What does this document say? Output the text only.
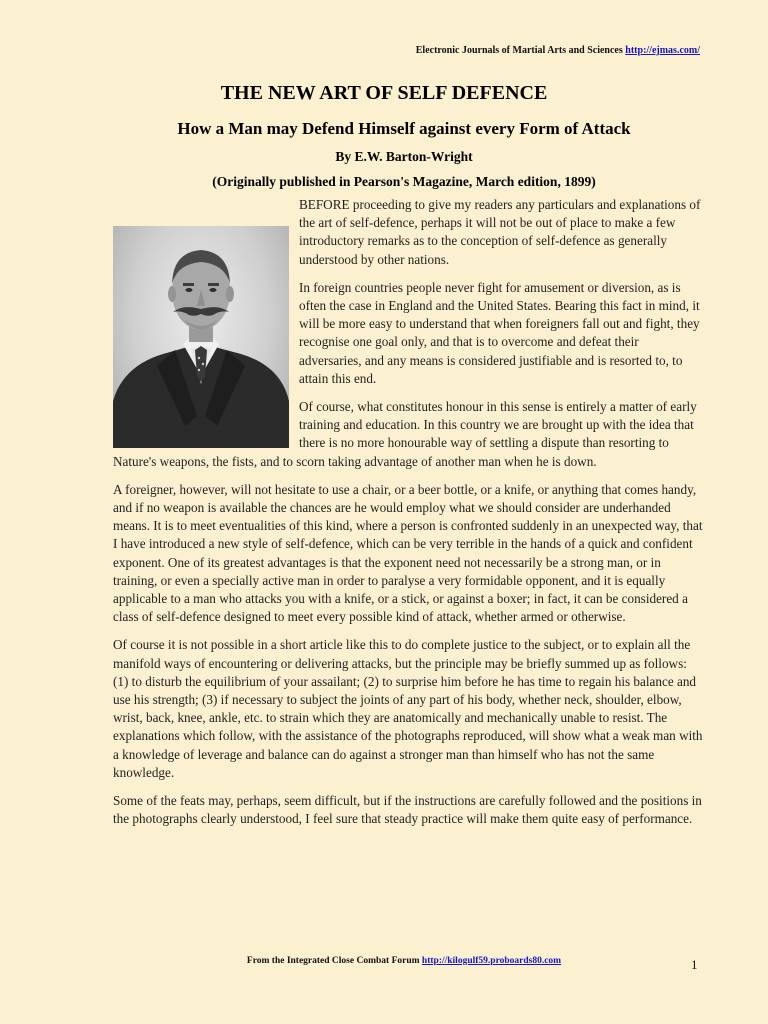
Electronic Journals of Martial Arts and Sciences http://ejmas.com/
THE NEW ART OF SELF DEFENCE
How a Man may Defend Himself against every Form of Attack
By E.W. Barton-Wright
(Originally published in Pearson's Magazine, March edition, 1899)

BEFORE proceeding to give my readers any particulars and explanations of the art of self-defence, perhaps it will not be out of place to make a few introductory remarks as to the conception of self-defence as generally understood by other nations.

In foreign countries people never fight for amusement or diversion, as is often the case in England and the United States. Bearing this fact in mind, it will be more easy to understand that when foreigners fall out and fight, they recognise one goal only, and that is to overcome and defeat their adversaries, and any means is considered justifiable and is resorted to, to attain this end.

Of course, what constitutes honour in this sense is entirely a matter of early training and education. In this country we are brought up with the idea that there is no more honourable way of settling a dispute than resorting to Nature's weapons, the fists, and to scorn taking advantage of another man when he is down.

A foreigner, however, will not hesitate to use a chair, or a beer bottle, or a knife, or anything that comes handy, and if no weapon is available the chances are he would employ what we should consider are underhanded means. It is to meet eventualities of this kind, where a person is confronted suddenly in an unexpected way, that I have introduced a new style of self-defence, which can be very terrible in the hands of a quick and confident exponent. One of its greatest advantages is that the exponent need not necessarily be a strong man, or in training, or even a specially active man in order to paralyse a very formidable opponent, and it is equally applicable to a man who attacks you with a knife, or a stick, or against a boxer; in fact, it can be considered a class of self-defence designed to meet every possible kind of attack, whether armed or otherwise.

Of course it is not possible in a short article like this to do complete justice to the subject, or to explain all the manifold ways of encountering or delivering attacks, but the principle may be briefly summed up as follows: (1) to disturb the equilibrium of your assailant; (2) to surprise him before he has time to regain his balance and use his strength; (3) if necessary to subject the joints of any part of his body, whether neck, shoulder, elbow, wrist, back, knee, ankle, etc. to strain which they are anatomically and mechanically unable to resist. The explanations which follow, with the assistance of the photographs reproduced, will show what a weak man with a knowledge of leverage and balance can do against a stronger man than himself who has not the same knowledge.

Some of the feats may, perhaps, seem difficult, but if the instructions are carefully followed and the positions in the photographs clearly understood, I feel sure that steady practice will make them quite easy of performance.

From the Integrated Close Combat Forum http://kilogulf59.proboards80.com	1
